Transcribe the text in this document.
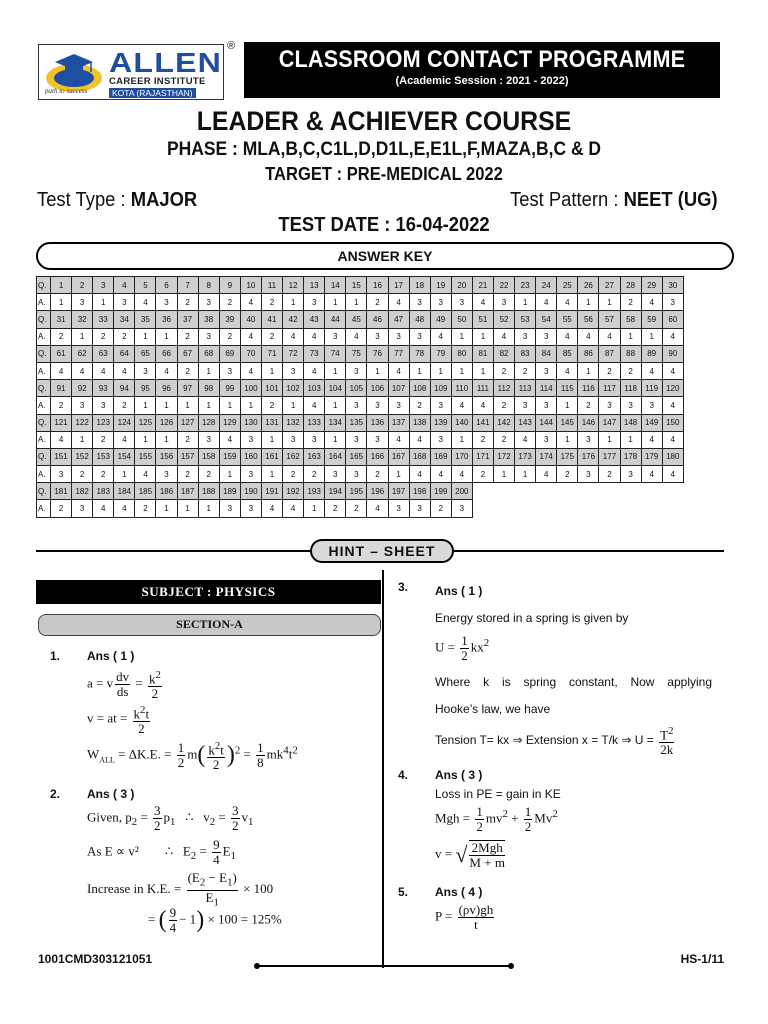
path to success
ALLEN
CAREER INSTITUTE
KOTA (RAJASTHAN)
®	CLASSROOM CONTACT PROGRAMME
(Academic Session : 2021 - 2022)
LEADER & ACHIEVER COURSE
PHASE : MLA,B,C,C1L,D,D1L,E,E1L,F,MAZA,B,C & D
TARGET : PRE-MEDICAL 2022
Test Type : MAJOR	Test Pattern : NEET (UG)
TEST DATE : 16-04-2022
ANSWER KEY
Q.	1	2	3	4	5	6	7	8	9	10	11	12	13	14	15	16	17	18	19	20	21	22	23	24	25	26	27	28	29	30
A.	1	3	1	3	4	3	2	3	2	4	2	1	3	1	1	2	4	3	3	3	4	3	1	4	4	1	1	2	4	3
Q.	31	32	33	34	35	36	37	38	39	40	41	42	43	44	45	46	47	48	49	50	51	52	53	54	55	56	57	58	59	60
A.	2	1	2	2	1	1	2	3	2	4	2	4	4	3	4	3	3	3	4	1	1	4	3	3	4	4	4	1	1	4
Q.	61	62	63	64	65	66	67	68	69	70	71	72	73	74	75	76	77	78	79	80	81	82	83	84	85	86	87	88	89	90
A.	4	4	4	4	3	4	2	1	3	4	1	3	4	1	3	1	4	1	1	1	1	2	2	3	4	1	2	2	4	4
Q.	91	92	93	94	95	96	97	98	99	100	101	102	103	104	105	106	107	108	109	110	111	112	113	114	115	116	117	118	119	120
A.	2	3	3	2	1	1	1	1	1	1	2	1	4	1	3	3	3	2	3	4	4	2	3	3	1	2	3	3	3	4
Q.	121	122	123	124	125	126	127	128	129	130	131	132	133	134	135	136	137	138	139	140	141	142	143	144	145	146	147	148	149	150
A.	4	1	2	4	1	1	2	3	4	3	1	3	3	1	3	3	4	4	3	1	2	2	4	3	1	3	1	1	4	4
Q.	151	152	153	154	155	156	157	158	159	160	161	162	163	164	165	166	167	168	169	170	171	172	173	174	175	176	177	178	179	180
A.	3	2	2	1	4	3	2	2	1	3	1	2	2	3	3	2	1	4	4	4	2	1	1	4	2	3	2	3	4	4
Q.	181	182	183	184	185	186	187	188	189	190	191	192	193	194	195	196	197	198	199	200										
A.	2	3	4	4	2	1	1	1	3	3	4	4	1	2	2	4	3	3	2	3										
HINT – SHEET
SUBJECT : PHYSICS
SECTION-A
1. Ans ( 1 )
a = v $\frac{dv}{ds} = \frac{k^2}{2}$
v = at = $\frac{k^2t}{2}$
$W_{ALL} = \Delta K.E$. = $\frac{1}{2} m( \frac{k^2t}{2} )^2 = \frac{1}{8} mk^4t^2$
2. Ans ( 3 )
Given, $p_2 = \frac{3}{2} p_1$   ∴   $v_2 = \frac{3}{2} v_1$
As E ∝ v²        ∴   $E_2 = \frac{9}{4} E_1$
Increase in K.E. = $\frac{(E_2 - E_1)}{E_1} \times 100$
= ( $\frac{9}{4} - 1) \times 100 = 125\%$
3. Ans ( 1 )
Energy stored in a spring is given by
$U = \frac{1}{2} kx^2$
Where k is spring constant, Now applying
Hooke’s law, we have
Tension T= kx ⇒ Extension x = T/k ⇒ $U = \frac{T^2}{2k}$
4. Ans ( 3 )
Loss in PE = gain in KE
Mgh = $\frac{1}{2} mv^2 + \frac{1}{2} Mv^2$
v = √ $\frac{\text{2Mgh}}{M + m}$
5. Ans ( 4 )
$P = \frac{(\rho v)gh}{t}$
1001CMD303121051	HS-1/11
